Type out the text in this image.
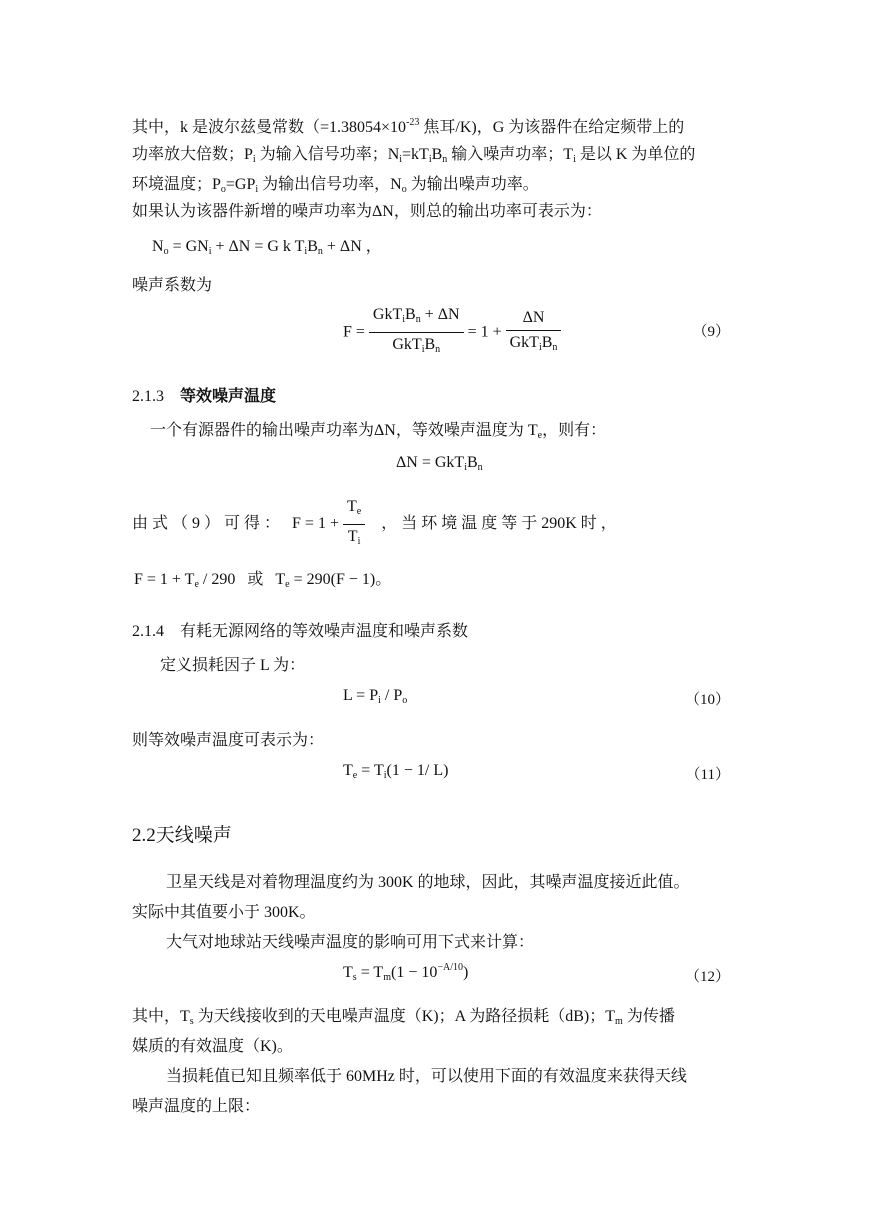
其中，k 是波尔兹曼常数（$=1.38054\times 10^{-23}$ 焦耳/K)，G 为该器件在给定频带上的
功率放大倍数；$P_i$ 为输入信号功率；$N_i=kT_iB_n$ 输入噪声功率；$T_i$ 是以 K 为单位的
环境温度；$P_o=GP_i$ 为输出信号功率，$N_o$ 为输出噪声功率。
如果认为该器件新增的噪声功率为ΔN，则总的输出功率可表示为：
$N_o = GN_i + \Delta N = G$ k $T_iB_n + \Delta N$ ，
噪声系数为
$F = \frac{GkT_iB_n + \Delta N}{GkT_iB_n} = 1 + \frac{\Delta N}{GkT_iB_n}$	（9）
2.1.3 等效噪声温度
一个有源器件的输出噪声功率为ΔN，等效噪声温度为 $T_e$，则有：
$\Delta N = GkT_iB_n$
由 式 （ 9 ） 可 得 ： $F = 1 + \frac{T_e}{T_i}$ ， 当 环 境 温 度 等 于 290K 时 ，
$F = 1 + T_e / 290$ 或 $T_e = 290(F - 1)$。
2.1.4 有耗无源网络的等效噪声温度和噪声系数
定义损耗因子 L 为：
$L = P_i / P_o$	（10）
则等效噪声温度可表示为：
$T_e = T_i(1 - 1/$ L)	（11）
2.2天线噪声
卫星天线是对着物理温度约为 300K 的地球，因此，其噪声温度接近此值。
实际中其值要小于 300K。
大气对地球站天线噪声温度的影响可用下式来计算：
$T_s = T_m(1 - 10^{-A/10})$	（12）
其中，$T_s$ 为天线接收到的天电噪声温度（K)；A 为路径损耗（dB)；$T_m$ 为传播
媒质的有效温度（K)。
当损耗值已知且频率低于 60MHz 时，可以使用下面的有效温度来获得天线
噪声温度的上限：
